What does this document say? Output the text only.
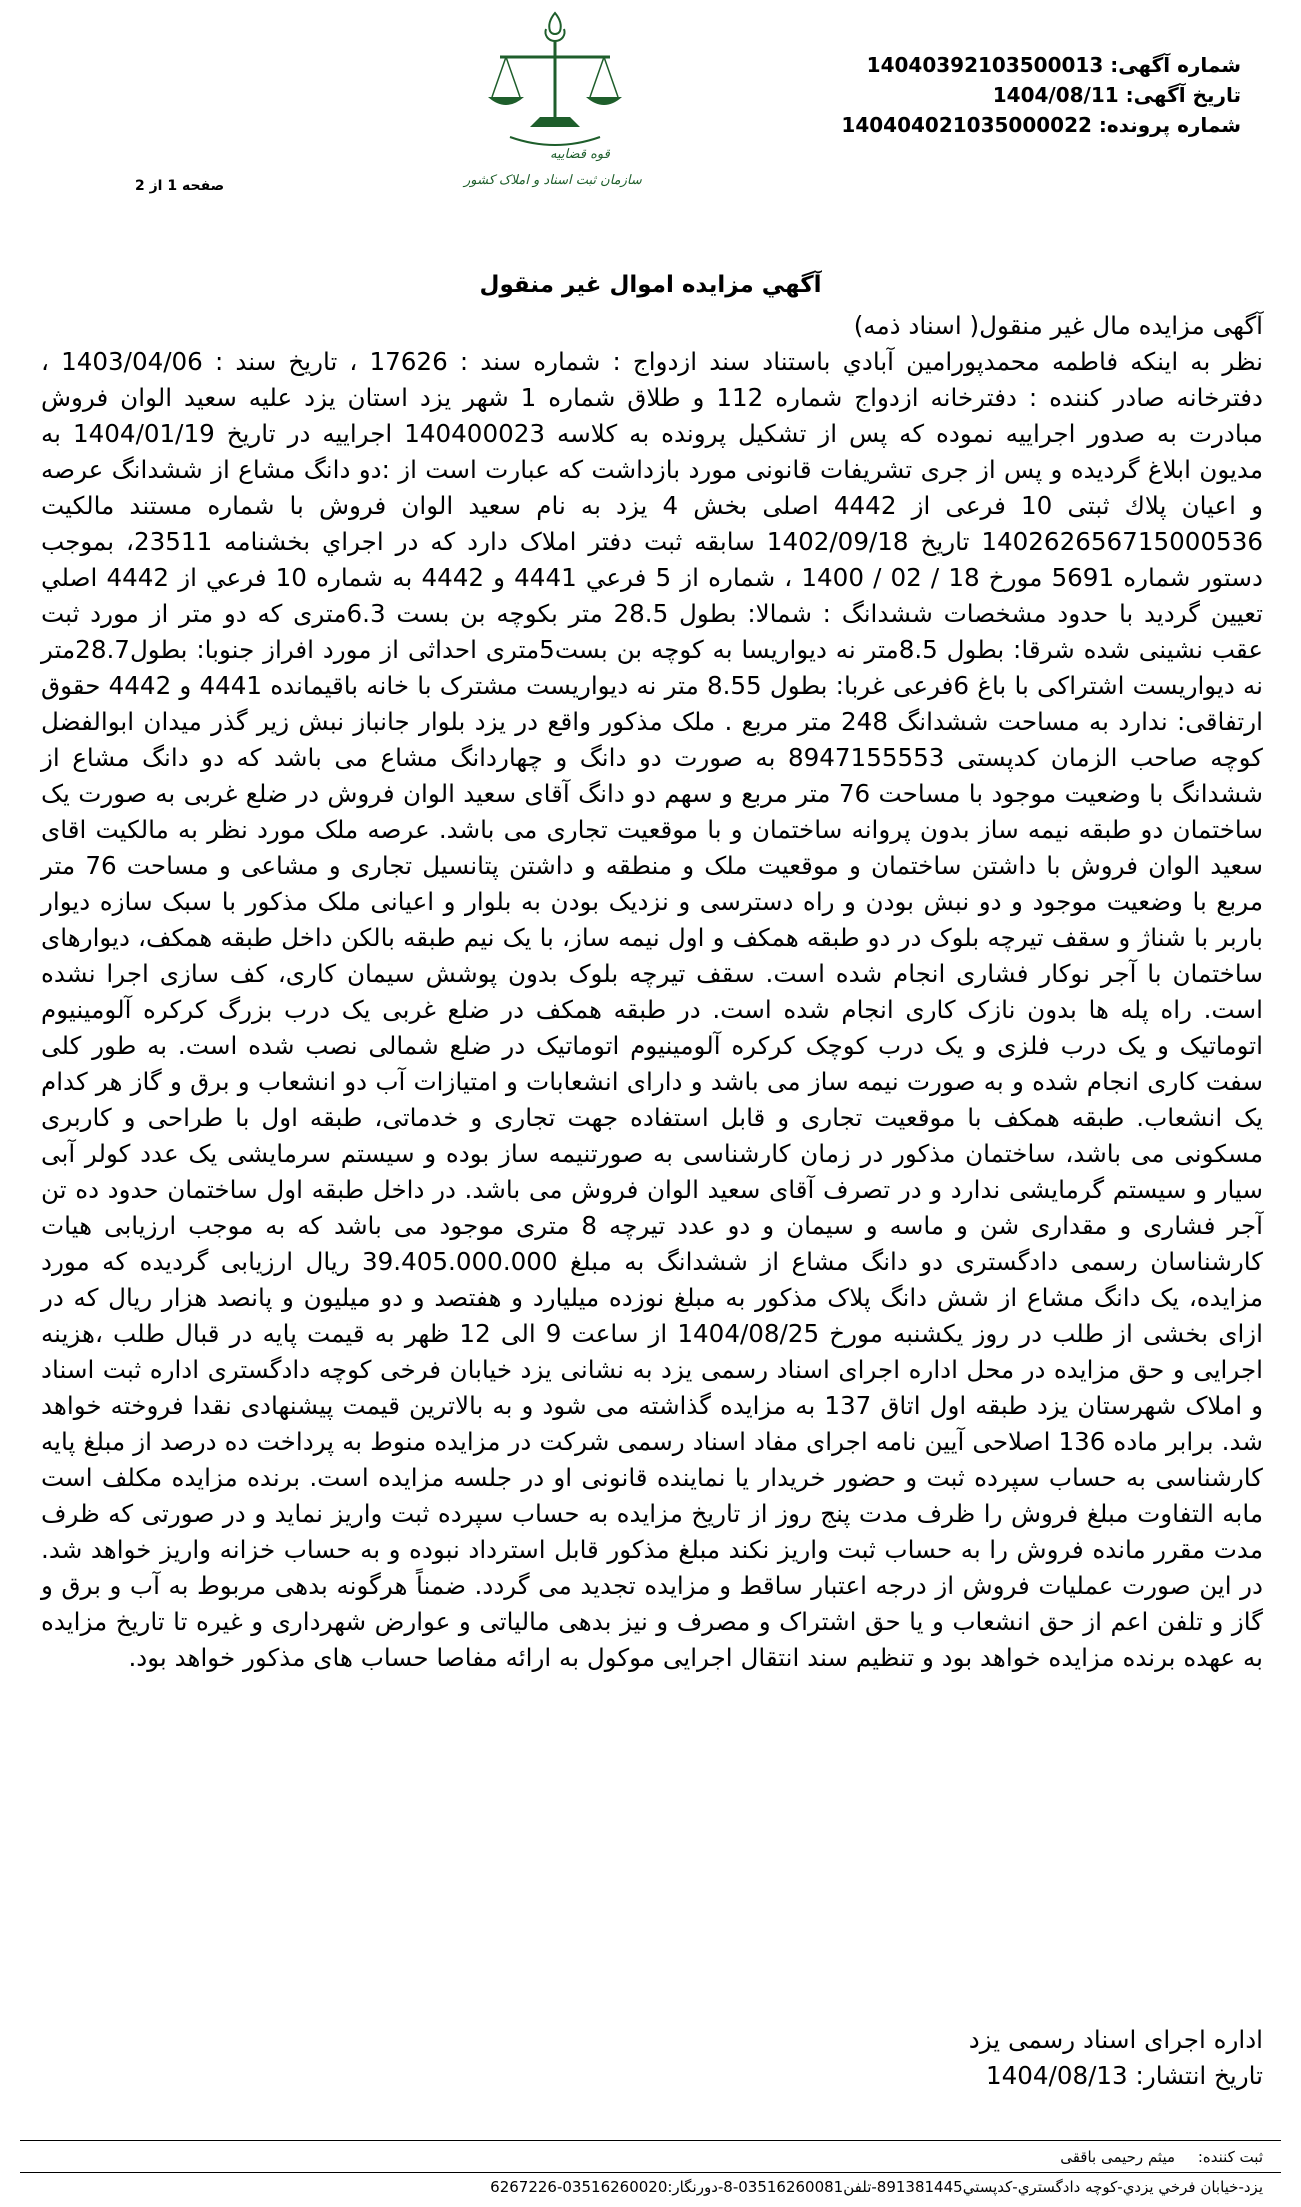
شماره آگهی: 14040392103500013
تاریخ آگهی: 1404/08/11
شماره پرونده: 140404021035000022
قوه قضاییه
سازمان ثبت اسناد و املاک کشور
صفحه 1 از 2
آگهي مزايده اموال غير منقول

آگهی مزایده مال غیر منقول( اسناد ذمه)

نظر به اینکه فاطمه محمدپورامین آبادي باستناد سند ازدواج : شماره سند : 17626 ، تاریخ سند : 1403/04/06 ، دفترخانه صادر کننده : دفترخانه ازدواج شماره 112 و طلاق شماره 1 شهر یزد استان یزد علیه سعید الوان فروش مبادرت به صدور اجراییه نموده که پس از تشکیل پرونده به کلاسه 140400023 اجراییه در تاریخ 1404/01/19 به مدیون ابلاغ گردیده و پس از جری تشریفات قانونی مورد بازداشت که عبارت است از :دو دانگ مشاع از ششدانگ عرصه و اعیان پلاك ثبتی 10 فرعی از 4442 اصلی بخش 4 یزد به نام سعید الوان فروش با شماره مستند مالکیت 140262656715000536 تاريخ 1402/09/18 سابقه ثبت دفتر املاک دارد که در اجراي بخشنامه 23511، بموجب دستور شماره 5691 مورخ 18 / 02 / 1400 ، شماره از 5 فرعي 4441 و 4442 به شماره 10 فرعي از 4442 اصلي تعيين گرديد با حدود مشخصات ششدانگ : شمالا: بطول 28.5 متر بکوچه بن بست 6.3متری که دو متر از مورد ثبت عقب نشینی شده شرقا: بطول 8.5متر نه دیواریسا به کوچه بن بست5متری احداثی از مورد افراز جنوبا: بطول28.7متر نه دیواریست اشتراکی با باغ 6فرعی غربا: بطول 8.55 متر نه دیواریست مشترک با خانه باقیمانده 4441 و 4442 حقوق ارتفاقی: ندارد به مساحت ششدانگ 248 متر مربع . ملک مذکور واقع در یزد بلوار جانباز نبش زیر گذر میدان ابوالفضل کوچه صاحب الزمان کدپستی 8947155553 به صورت دو دانگ و چهاردانگ مشاع می باشد که دو دانگ مشاع از ششدانگ با وضعیت موجود با مساحت 76 متر مربع و سهم دو دانگ آقای سعید الوان فروش در ضلع غربی به صورت یک ساختمان دو طبقه نیمه ساز بدون پروانه ساختمان و با موقعیت تجاری می باشد. عرصه ملک مورد نظر به مالکیت اقای سعید الوان فروش با داشتن ساختمان و موقعیت ملک و منطقه و داشتن پتانسیل تجاری و مشاعی و مساحت 76 متر مربع با وضعیت موجود و دو نبش بودن و راه دسترسی و نزدیک بودن به بلوار و اعیانی ملک مذکور با سبک سازه دیوار باربر با شناژ و سقف تیرچه بلوک در دو طبقه همکف و اول نیمه ساز، با یک نیم طبقه بالکن داخل طبقه همکف، دیوارهای ساختمان با آجر نوکار فشاری انجام شده است. سقف تیرچه بلوک بدون پوشش سیمان کاری، کف سازی اجرا نشده است. راه پله ها بدون نازک کاری انجام شده است. در طبقه همکف در ضلع غربی یک درب بزرگ کرکره آلومینیوم اتوماتیک و یک درب فلزی و یک درب کوچک کرکره آلومینیوم اتوماتیک در ضلع شمالی نصب شده است. به طور کلی سفت کاری انجام شده و به صورت نیمه ساز می باشد و دارای انشعابات و امتیازات آب دو انشعاب و برق و گاز هر کدام یک انشعاب. طبقه همکف با موقعیت تجاری و قابل استفاده جهت تجاری و خدماتی، طبقه اول با طراحی و کاربری مسکونی می باشد، ساختمان مذکور در زمان کارشناسی به صورتنیمه ساز بوده و سیستم سرمایشی یک عدد کولر آبی سیار و سیستم گرمایشی ندارد و در تصرف آقای سعید الوان فروش می باشد. در داخل طبقه اول ساختمان حدود ده تن آجر فشاری و مقداری شن و ماسه و سیمان و دو عدد تیرچه 8 متری موجود می باشد که به موجب ارزیابی هیات کارشناسان رسمی دادگستری دو دانگ مشاع از ششدانگ به مبلغ 39.405.000.000 ریال ارزیابی گردیده که مورد مزایده، یک دانگ مشاع از شش دانگ پلاک مذکور به مبلغ نوزده میلیارد و هفتصد و دو میلیون و پانصد هزار ریال که در ازای بخشی از طلب در روز یکشنبه مورخ 1404/08/25 از ساعت 9 الی 12 ظهر به قیمت پایه در قبال طلب ،هزینه اجرایی و حق مزایده در محل اداره اجرای اسناد رسمی یزد به نشانی یزد خیابان فرخی کوچه دادگستری اداره ثبت اسناد و املاک شهرستان یزد طبقه اول اتاق 137 به مزایده گذاشته می شود و به بالاترین قیمت پیشنهادی نقدا فروخته خواهد شد. برابر ماده 136 اصلاحی آیین نامه اجرای مفاد اسناد رسمی شرکت در مزایده منوط به پرداخت ده درصد از مبلغ پایه کارشناسی به حساب سپرده ثبت و حضور خریدار یا نماینده قانونی او در جلسه مزایده است. برنده مزایده مکلف است مابه التفاوت مبلغ فروش را ظرف مدت پنج روز از تاریخ مزایده به حساب سپرده ثبت واریز نماید و در صورتی که ظرف مدت مقرر مانده فروش را به حساب ثبت واریز نکند مبلغ مذکور قابل استرداد نبوده و به حساب خزانه واریز خواهد شد. در این صورت عملیات فروش از درجه اعتبار ساقط و مزایده تجدید می گردد. ضمناً هرگونه بدهی مربوط به آب و برق و گاز و تلفن اعم از حق انشعاب و یا حق اشتراک و مصرف و نیز بدهی مالیاتی و عوارض شهرداری و غیره تا تاریخ مزایده به عهده برنده مزایده خواهد بود و تنظیم سند انتقال اجرایی موکول به ارائه مفاصا حساب های مذکور خواهد بود.

اداره اجرای اسناد رسمی یزد
تاریخ انتشار: 1404/08/13
ثبت کننده: میثم رحیمی باققی
یزد-خیابان فرخي يزدي-كوچه دادگستري-كدپستي891381445-تلفن03516260081-8-دورنگار:03516260020-6267226
